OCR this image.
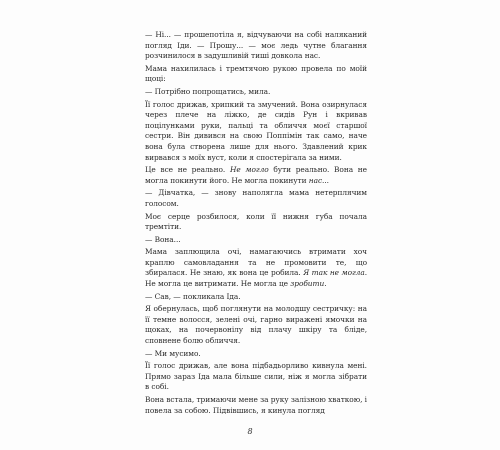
— Ні... — прошепотіла я, відчуваючи на собі наляканий погляд Іди. — Прошу... — моє ледь чутне благання розчинилося в задушливій тиші довкола нас.

Мама нахилилась і тремтячою рукою провела по моїй щоці:

— Потрібно попрощатись, мила.

Її голос дрижав, хрипкий та змучений. Вона озирнулася через плече на ліжко, де сидів Рун і вкривав поцілунками руки, пальці та обличчя моєї старшої сестри. Він дивився на свою Поппімін так само, наче вона була створена лише для нього. Здавлений крик вирвався з моїх вуст, коли я спостерігала за ними.

Це все не реально. Не могло бути реально. Вона не могла покинути його. Не могла покинути нас...

— Дівчатка, — знову наполягла мама нетерплячим голосом.

Моє серце розбилося, коли її нижня губа почала тремтіти.

— Вона...

Мама заплющила очі, намагаючись втримати хоч краплю самовладання та не промовити те, що збиралася. Не знаю, як вона це робила. Я так не могла. Не могла це витримати. Не могла це зробити.

— Сав, — покликала Іда.

Я обернулась, щоб поглянути на молодшу сестричку: на її темне волосся, зелені очі, гарно виражені ямочки на щоках, на почервонілу від плачу шкіру та бліде, сповнене болю обличчя.

— Ми мусимо.

Її голос дрижав, але вона підбадьорливо кивнула мені. Прямо зараз Іда мала більше сили, ніж я могла зібрати в собі.

Вона встала, тримаючи мене за руку залізною хваткою, і повела за собою. Підвівшись, я кинула погляд

8
